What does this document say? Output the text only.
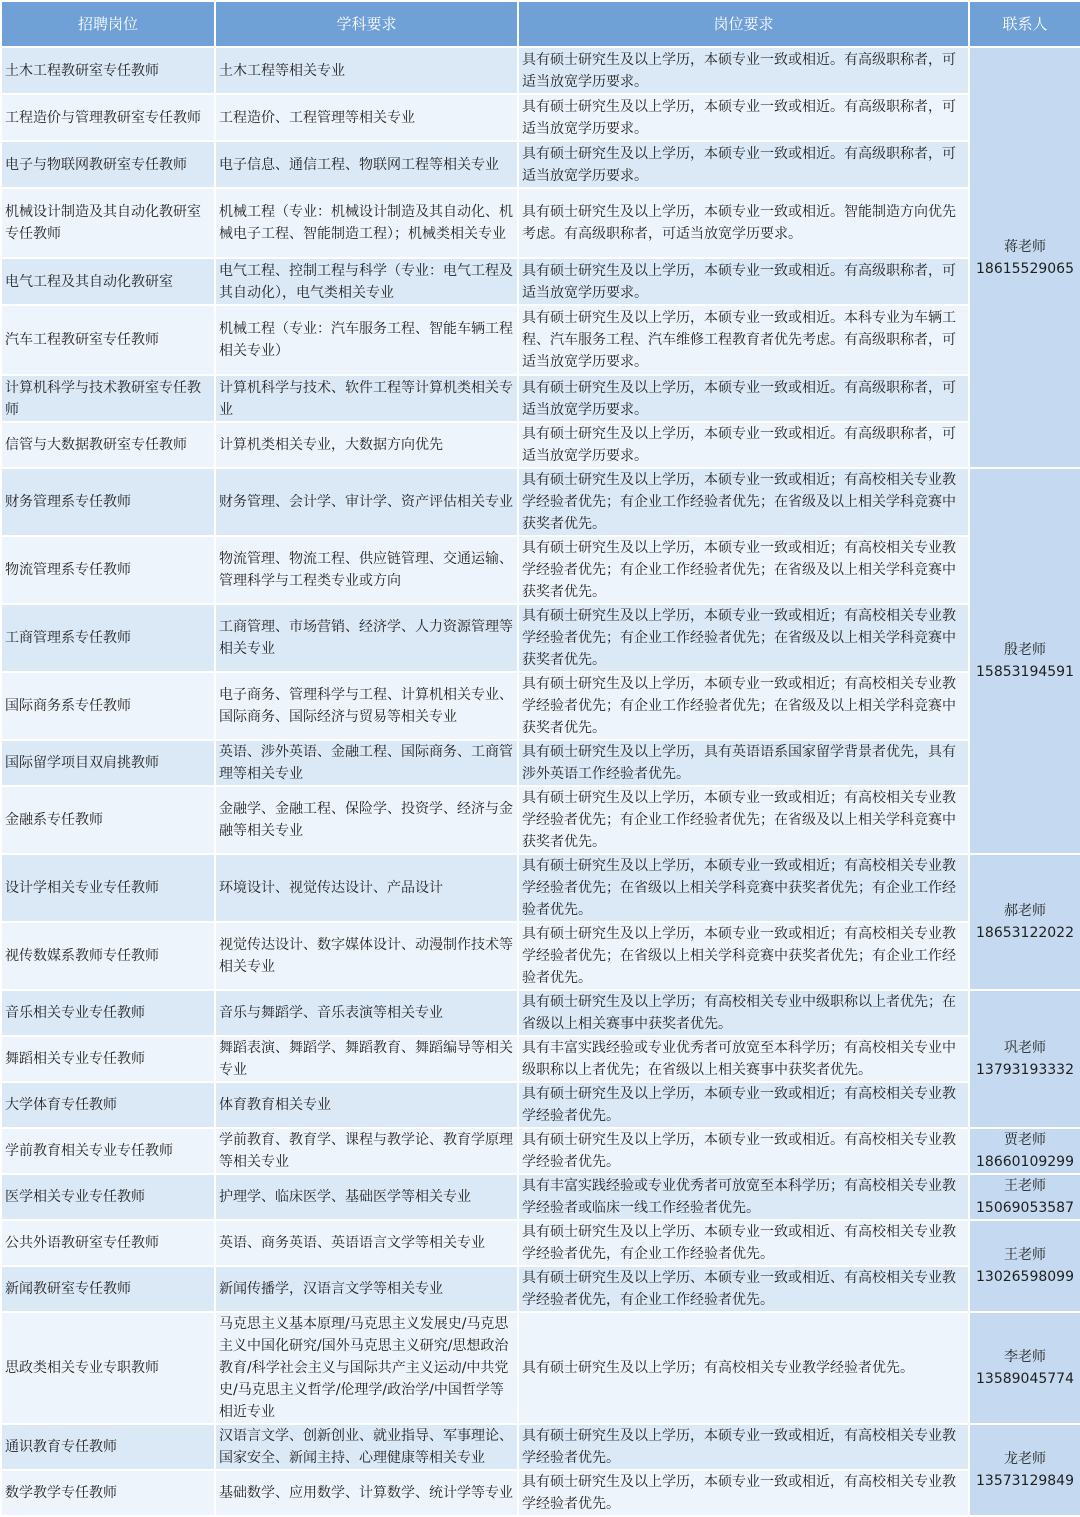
招聘岗位	学科要求	岗位要求	联系人
土木工程教研室专任教师	土木工程等相关专业	具有硕士研究生及以上学历，本硕专业一致或相近。有高级职称者，可适当放宽学历要求。	蒋老师
18615529065

工程造价与管理教研室专任教师	工程造价、工程管理等相关专业	具有硕士研究生及以上学历，本硕专业一致或相近。有高级职称者，可适当放宽学历要求。	
电子与物联网教研室专任教师	电子信息、通信工程、物联网工程等相关专业	具有硕士研究生及以上学历，本硕专业一致或相近。有高级职称者，可适当放宽学历要求。	
机械设计制造及其自动化教研室专任教师	机械工程（专业：机械设计制造及其自动化、机械电子工程、智能制造工程）；机械类相关专业	具有硕士研究生及以上学历，本硕专业一致或相近。智能制造方向优先考虑。有高级职称者，可适当放宽学历要求。	
电气工程及其自动化教研室	电气工程、控制工程与科学（专业：电气工程及其自动化），电气类相关专业	具有硕士研究生及以上学历，本硕专业一致或相近。有高级职称者，可适当放宽学历要求。	
汽车工程教研室专任教师	机械工程（专业：汽车服务工程、智能车辆工程相关专业）	具有硕士研究生及以上学历，本硕专业一致或相近。本科专业为车辆工程、汽车服务工程、汽车维修工程教育者优先考虑。有高级职称者，可适当放宽学历要求。	
计算机科学与技术教研室专任教师	计算机科学与技术、软件工程等计算机类相关专业	具有硕士研究生及以上学历，本硕专业一致或相近。有高级职称者，可适当放宽学历要求。	
信管与大数据教研室专任教师	计算机类相关专业，大数据方向优先	具有硕士研究生及以上学历，本硕专业一致或相近。有高级职称者，可适当放宽学历要求。	
财务管理系专任教师	财务管理、会计学、审计学、资产评估相关专业	具有硕士研究生及以上学历，本硕专业一致或相近；有高校相关专业教学经验者优先；有企业工作经验者优先；在省级及以上相关学科竞赛中获奖者优先。	殷老师
15853194591

物流管理系专任教师	物流管理、物流工程、供应链管理、交通运输、管理科学与工程类专业或方向	具有硕士研究生及以上学历，本硕专业一致或相近；有高校相关专业教学经验者优先；有企业工作经验者优先；在省级及以上相关学科竞赛中获奖者优先。	
工商管理系专任教师	工商管理、市场营销、经济学、人力资源管理等相关专业	具有硕士研究生及以上学历，本硕专业一致或相近；有高校相关专业教学经验者优先；有企业工作经验者优先；在省级及以上相关学科竞赛中获奖者优先。	
国际商务系专任教师	电子商务、管理科学与工程、计算机相关专业、国际商务、国际经济与贸易等相关专业	具有硕士研究生及以上学历，本硕专业一致或相近；有高校相关专业教学经验者优先；有企业工作经验者优先；在省级及以上相关学科竞赛中获奖者优先。	
国际留学项目双肩挑教师	英语、涉外英语、金融工程、国际商务、工商管理等相关专业	具有硕士研究生及以上学历，具有英语语系国家留学背景者优先，具有涉外英语工作经验者优先。	
金融系专任教师	金融学、金融工程、保险学、投资学、经济与金融等相关专业	具有硕士研究生及以上学历，本硕专业一致或相近；有高校相关专业教学经验者优先；有企业工作经验者优先；在省级及以上相关学科竞赛中获奖者优先。	
设计学相关专业专任教师	环境设计、视觉传达设计、产品设计	具有硕士研究生及以上学历，本硕专业一致或相近；有高校相关专业教学经验者优先；在省级以上相关学科竞赛中获奖者优先；有企业工作经验者优先。	郝老师
18653122022

视传数媒系教师专任教师	视觉传达设计、数字媒体设计、动漫制作技术等相关专业	具有硕士研究生及以上学历，本硕专业一致或相近；有高校相关专业教学经验者优先；在省级以上相关学科竞赛中获奖者优先；有企业工作经验者优先。	
音乐相关专业专任教师	音乐与舞蹈学、音乐表演等相关专业	具有硕士研究生及以上学历；有高校相关专业中级职称以上者优先；在省级以上相关赛事中获奖者优先。	巩老师
13793193332

舞蹈相关专业专任教师	舞蹈表演、舞蹈学、舞蹈教育、舞蹈编导等相关专业	具有丰富实践经验或专业优秀者可放宽至本科学历；有高校相关专业中级职称以上者优先；在省级以上相关赛事中获奖者优先。	
大学体育专任教师	体育教育相关专业	具有硕士研究生及以上学历，本硕专业一致或相近；有高校相关专业教学经验者优先。	
学前教育相关专业专任教师	学前教育、教育学、课程与教学论、教育学原理等相关专业	具有硕士研究生及以上学历，本硕专业一致或相近。有高校相关专业教学经验者优先。	贾老师
18660109299

医学相关专业专任教师	护理学、临床医学、基础医学等相关专业	具有丰富实践经验或专业优秀者可放宽至本科学历；有高校相关专业教学经验者或临床一线工作经验者优先。	王老师
15069053587

公共外语教研室专任教师	英语、商务英语、英语语言文学等相关专业	具有硕士研究生及以上学历、本硕专业一致或相近、有高校相关专业教学经验者优先，有企业工作经验者优先。	王老师
13026598099

新闻教研室专任教师	新闻传播学，汉语言文学等相关专业	具有硕士研究生及以上学历、本硕专业一致或相近、有高校相关专业教学经验者优先，有企业工作经验者优先。	
思政类相关专业专职教师	马克思主义基本原理/马克思主义发展史/马克思主义中国化研究/国外马克思主义研究/思想政治教育/科学社会主义与国际共产主义运动/中共党史/马克思主义哲学/伦理学/政治学/中国哲学等相近专业	具有硕士研究生及以上学历；有高校相关专业教学经验者优先。	李老师
13589045774

通识教育专任教师	汉语言文学、创新创业、就业指导、军事理论、国家安全、新闻主持、心理健康等相关专业	具有硕士研究生及以上学历，本硕专业一致或相近，有高校相关专业教学经验者优先。	龙老师
13573129849

数学教学专任教师	基础数学、应用数学、计算数学、统计学等专业	具有硕士研究生及以上学历，本硕专业一致或相近，有高校相关专业教学经验者优先。	
